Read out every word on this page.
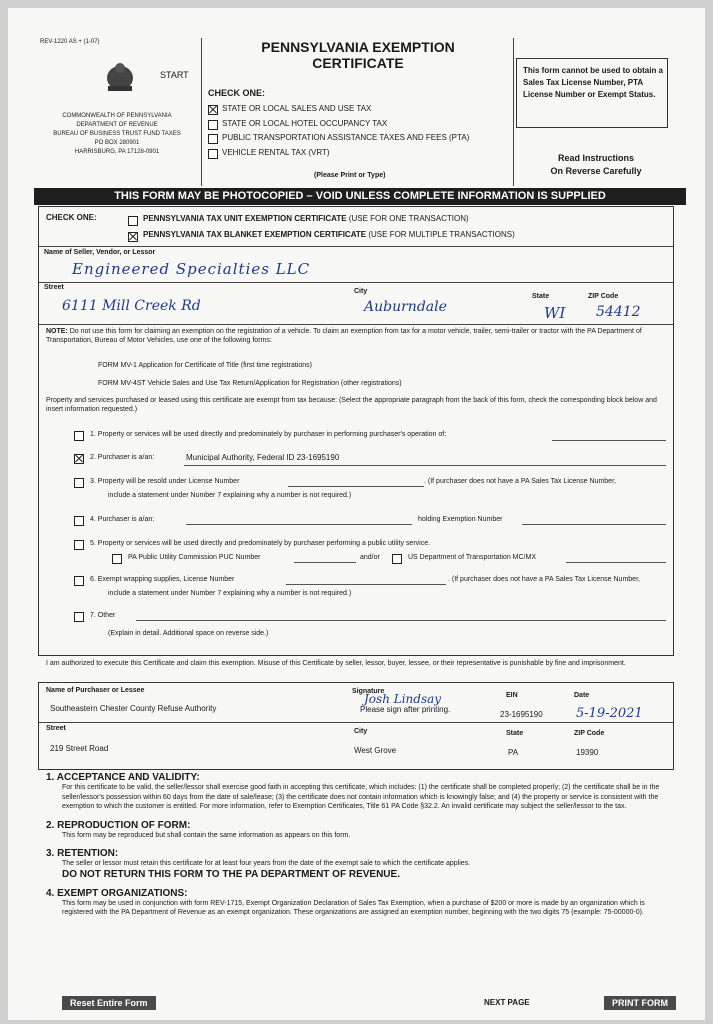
REV-1220 AS + (1-07)
START
COMMONWEALTH OF PENNSYLVANIA
DEPARTMENT OF REVENUE
BUREAU OF BUSINESS TRUST FUND TAXES
PO BOX 280901
HARRISBURG, PA 17128-0901
PENNSYLVANIA EXEMPTION
CERTIFICATE
CHECK ONE:
STATE OR LOCAL SALES AND USE TAX
STATE OR LOCAL HOTEL OCCUPANCY TAX
PUBLIC TRANSPORTATION ASSISTANCE TAXES AND FEES (PTA)
VEHICLE RENTAL TAX (VRT)
(Please Print or Type)
This form cannot be used to obtain a Sales Tax License Number, PTA License Number or Exempt Status.
Read Instructions
On Reverse Carefully
THIS FORM MAY BE PHOTOCOPIED – VOID UNLESS COMPLETE INFORMATION IS SUPPLIED
CHECK ONE:	PENNSYLVANIA TAX UNIT EXEMPTION CERTIFICATE (USE FOR ONE TRANSACTION)
PENNSYLVANIA TAX BLANKET EXEMPTION CERTIFICATE (USE FOR MULTIPLE TRANSACTIONS)
Name of Seller, Vendor, or Lessor
Engineered Specialties LLC
Street
6111 Mill Creek Rd
City
Auburndale
State
WI
ZIP Code
54412
NOTE: Do not use this form for claiming an exemption on the registration of a vehicle. To claim an exemption from tax for a motor vehicle, trailer, semi-trailer or tractor with the PA Department of Transportation, Bureau of Motor Vehicles, use one of the following forms:
FORM MV-1 Application for Certificate of Title (first time registrations)
FORM MV-4ST Vehicle Sales and Use Tax Return/Application for Registration (other registrations)
Property and services purchased or leased using this certificate are exempt from tax because: (Select the appropriate paragraph from the back of this form, check the corresponding block below and insert information requested.)
1. Property or services will be used directly and predominately by purchaser in performing purchaser's operation of:
2. Purchaser is a/an:	Municipal Authority, Federal ID 23-1695190
3. Property will be resold under License Number	. (If purchaser does not have a PA Sales Tax License Number,
include a statement under Number 7 explaining why a number is not required.)
4. Purchaser is a/an:	holding Exemption Number
5. Property or services will be used directly and predominately by purchaser performing a public utility service.
PA Public Utility Commission PUC Number	and/or	US Department of Transportation MC/MX
6. Exempt wrapping supplies, License Number	. (If purchaser does not have a PA Sales Tax License Number,
include a statement under Number 7 explaining why a number is not required.)
7. Other
(Explain in detail. Additional space on reverse side.)
I am authorized to execute this Certificate and claim this exemption. Misuse of this Certificate by seller, lessor, buyer, lessee, or their representative is punishable by fine and imprisonment.
Name of Purchaser or Lessee
Southeastern Chester County Refuse Authority
Signature
Josh Lindsay
Please sign after printing.
EIN
23-1695190
Date
5-19-2021
Street
219 Street Road
City
West Grove
State
PA
ZIP Code
19390
1. ACCEPTANCE AND VALIDITY:
For this certificate to be valid, the seller/lessor shall exercise good faith in accepting this certificate, which includes: (1) the certificate shall be completed properly; (2) the certificate shall be in the seller/lessor's possession within 60 days from the date of sale/lease; (3) the certificate does not contain information which is knowingly false; and (4) the property or service is consistent with the exemption to which the customer is entitled. For more information, refer to Exemption Certificates, Title 61 PA Code §32.2. An invalid certificate may subject the seller/lessor to the tax.
2. REPRODUCTION OF FORM:
This form may be reproduced but shall contain the same information as appears on this form.
3. RETENTION:
The seller or lessor must retain this certificate for at least four years from the date of the exempt sale to which the certificate applies.
DO NOT RETURN THIS FORM TO THE PA DEPARTMENT OF REVENUE.
4. EXEMPT ORGANIZATIONS:
This form may be used in conjunction with form REV-1715, Exempt Organization Declaration of Sales Tax Exemption, when a purchase of $200 or more is made by an organization which is registered with the PA Department of Revenue as an exempt organization. These organizations are assigned an exemption number, beginning with the two digits 75 (example: 75-00000-0).
Reset Entire Form	NEXT PAGE	PRINT FORM
